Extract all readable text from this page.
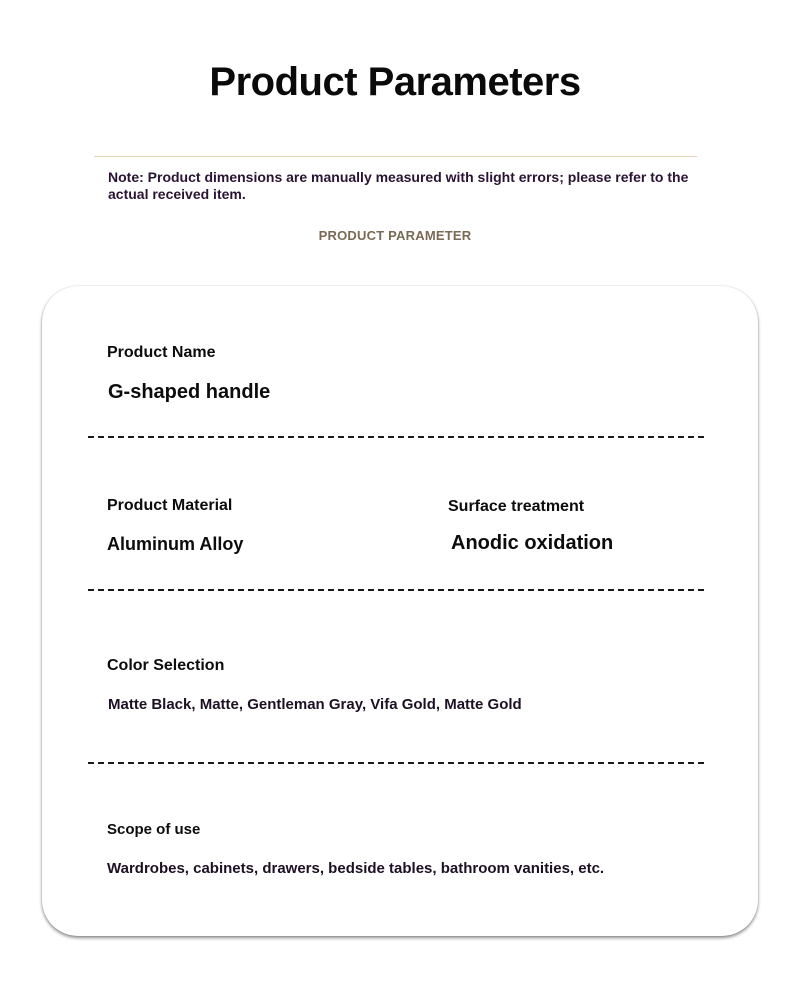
Product Parameters
Note: Product dimensions are manually measured with slight errors; please refer to the actual received item.
PRODUCT PARAMETER
Product Name
G-shaped handle
Product Material
Aluminum Alloy
Surface treatment
Anodic oxidation
Color Selection
Matte Black, Matte, Gentleman Gray, Vifa Gold, Matte Gold
Scope of use
Wardrobes, cabinets, drawers, bedside tables, bathroom vanities, etc.
